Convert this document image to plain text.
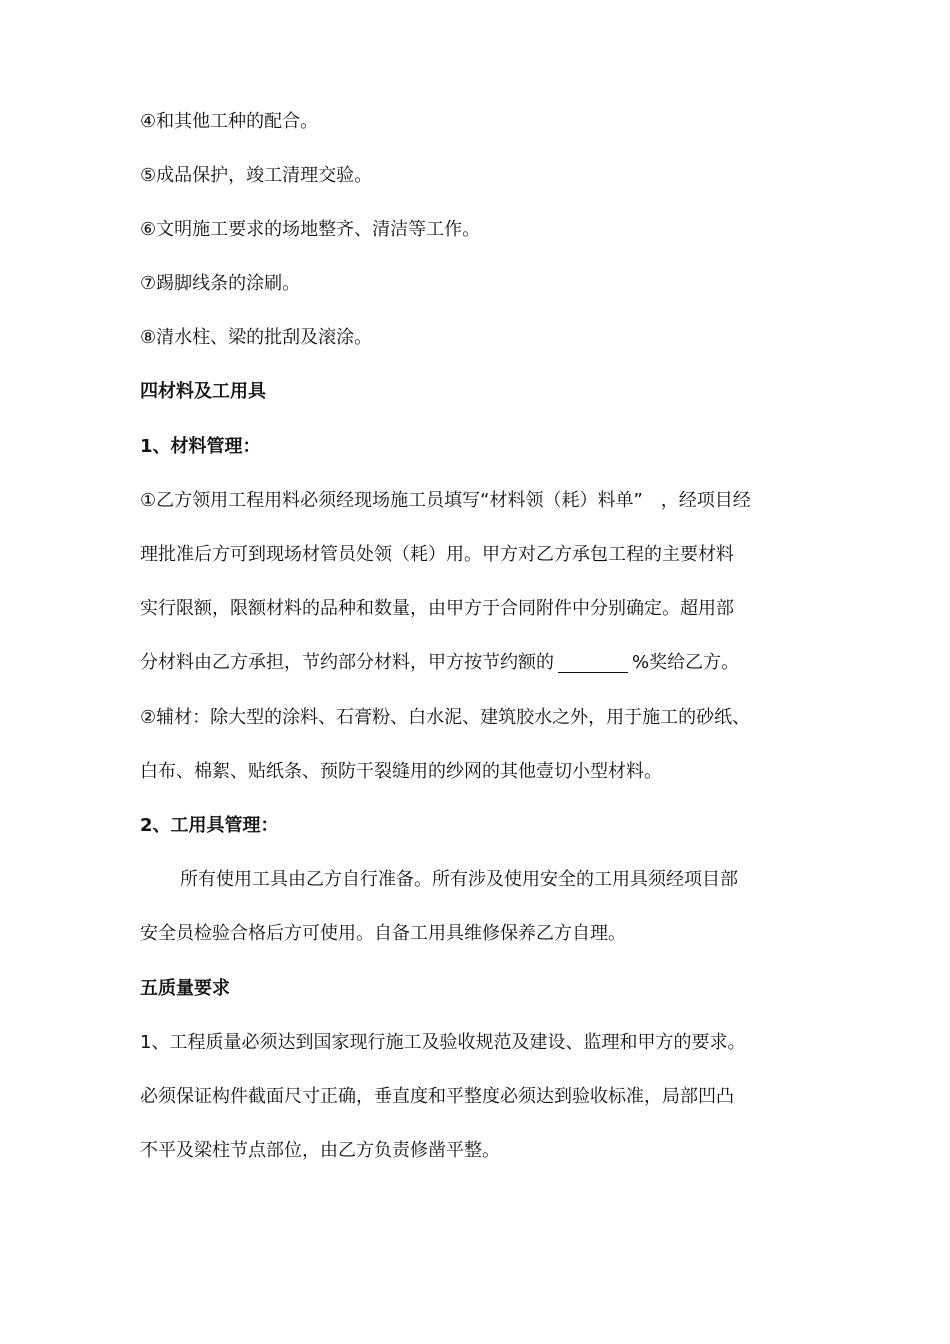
④和其他工种的配合。
⑤成品保护，竣工清理交验。
⑥文明施工要求的场地整齐、清洁等工作。
⑦踢脚线条的涂刷。
⑧清水柱、梁的批刮及滚涂。
四材料及工用具
1、材料管理：
①乙方领用工程用料必须经现场施工员填写“材料领（耗）料单”　，经项目经
理批准后方可到现场材管员处领（耗）用。甲方对乙方承包工程的主要材料
实行限额，限额材料的品种和数量，由甲方于合同附件中分别确定。超用部
分材料由乙方承担，节约部分材料，甲方按节约额的	%奖给乙方。
②辅材：除大型的涂料、石膏粉、白水泥、建筑胶水之外，用于施工的砂纸、
白布、棉絮、贴纸条、预防干裂缝用的纱网的其他壹切小型材料。
2、工用具管理：
所有使用工具由乙方自行准备。所有涉及使用安全的工用具须经项目部
安全员检验合格后方可使用。自备工用具维修保养乙方自理。
五质量要求
1、工程质量必须达到国家现行施工及验收规范及建设、监理和甲方的要求。
必须保证构件截面尺寸正确，垂直度和平整度必须达到验收标准，局部凹凸
不平及梁柱节点部位，由乙方负责修凿平整。
